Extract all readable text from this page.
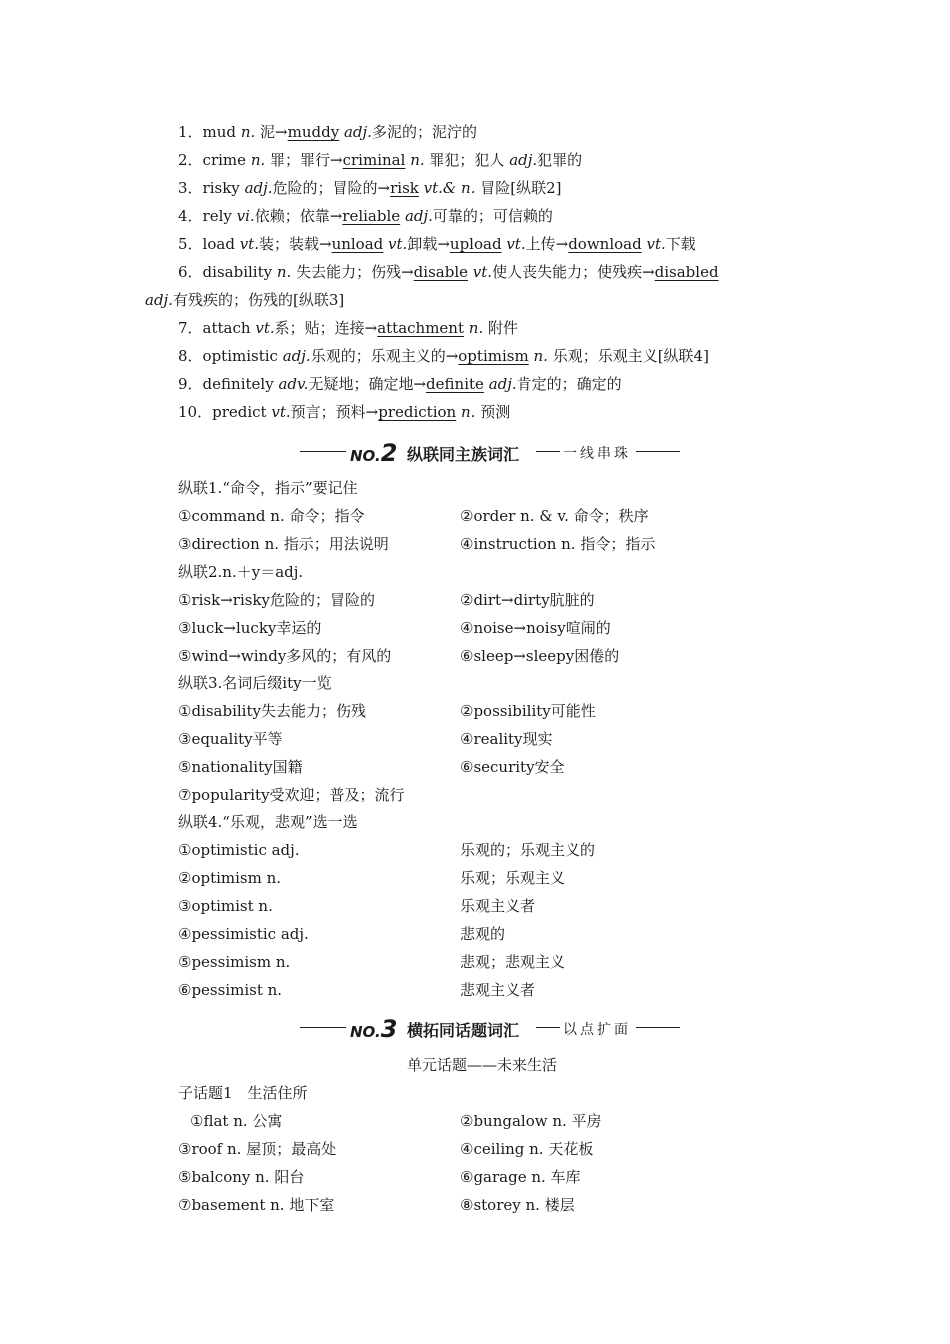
1．mud n. 泥→muddy adj.多泥的；泥泞的
2．crime n. 罪；罪行→criminal n. 罪犯；犯人 adj.犯罪的
3．risky adj.危险的；冒险的→risk vt.& n. 冒险[纵联2]
4．rely vi.依赖；依靠→reliable adj.可靠的；可信赖的
5．load vt.装；装载→unload vt.卸载→upload vt.上传→download vt.下载
6．disability n. 失去能力；伤残→disable vt.使人丧失能力；使残疾→disabled
adj.有残疾的；伤残的[纵联3]
7．attach vt.系；贴；连接→attachment n. 附件
8．optimistic adj.乐观的；乐观主义的→optimism n. 乐观；乐观主义[纵联4]
9．definitely adv.无疑地；确定地→definite adj.肯定的；确定的
10．predict vt.预言；预料→prediction n. 预测
NO.2 纵联同主族词汇	一线串珠
纵联1.“命令，指示”要记住
①command n. 命令；指令	②order n. & v. 命令；秩序
③direction n. 指示；用法说明	④instruction n. 指令；指示
纵联2.n.＋y＝adj.
①risk→risky危险的；冒险的	②dirt→dirty肮脏的
③luck→lucky幸运的	④noise→noisy喧闹的
⑤wind→windy多风的；有风的	⑥sleep→sleepy困倦的
纵联3.名词后缀ity一览
①disability失去能力；伤残	②possibility可能性
③equality平等	④reality现实
⑤nationality国籍	⑥security安全
⑦popularity受欢迎；普及；流行
纵联4.“乐观，悲观”选一选
①optimistic adj.	乐观的；乐观主义的
②optimism n.	乐观；乐观主义
③optimist n.	乐观主义者
④pessimistic adj.	悲观的
⑤pessimism n.	悲观；悲观主义
⑥pessimist n.	悲观主义者
NO.3 横拓同话题词汇	以点扩面
单元话题——未来生活
子话题1　生活住所
①flat n. 公寓	②bungalow n. 平房
③roof n. 屋顶；最高处	④ceiling n. 天花板
⑤balcony n. 阳台	⑥garage n. 车库
⑦basement n. 地下室	⑧storey n. 楼层
